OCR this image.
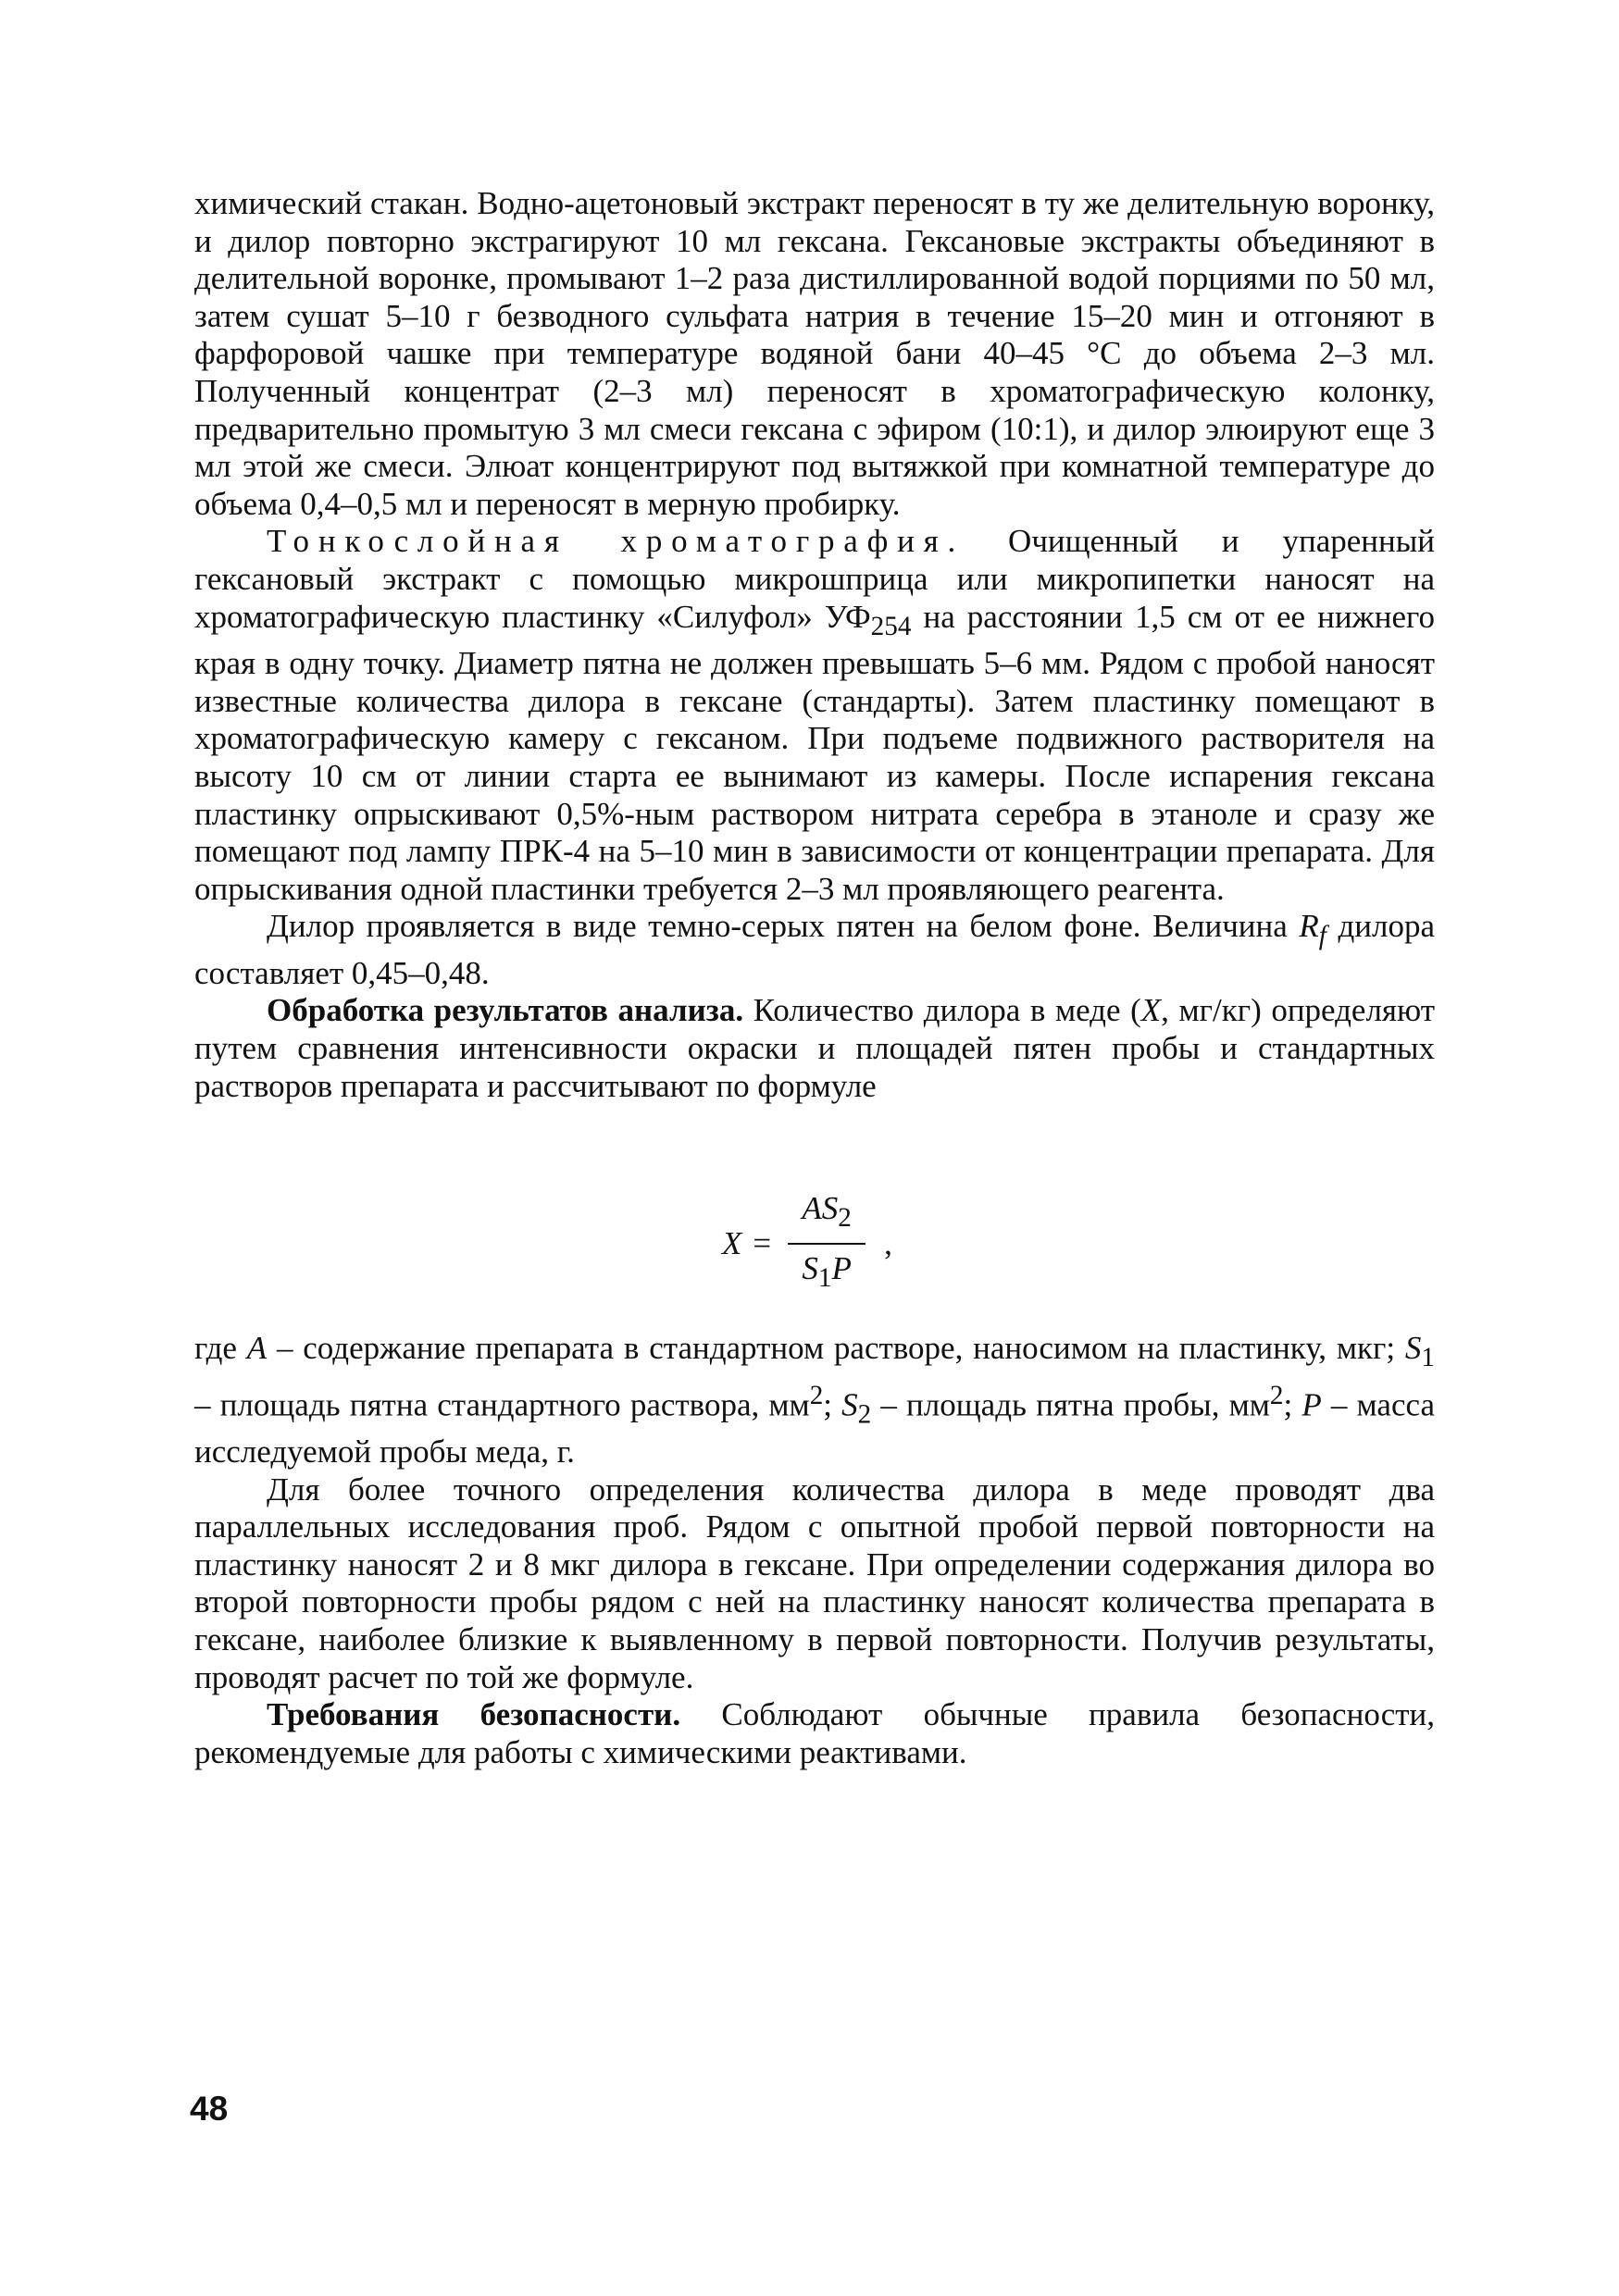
химический стакан. Водно-ацетоновый экстракт переносят в ту же делительную воронку, и дилор повторно экстрагируют 10 мл гексана. Гексановые экстракты объединяют в делительной воронке, промывают 1–2 раза дистиллированной водой порциями по 50 мл, затем сушат 5–10 г безводного сульфата натрия в течение 15–20 мин и отгоняют в фарфоровой чашке при температуре водяной бани 40–45 °С до объема 2–3 мл. Полученный концентрат (2–3 мл) переносят в хроматографическую колонку, предварительно промытую 3 мл смеси гексана с эфиром (10:1), и дилор элюируют еще 3 мл этой же смеси. Элюат концентрируют под вытяжкой при комнатной температуре до объема 0,4–0,5 мл и переносят в мерную пробирку.

Тонкослойная хроматография. Очищенный и упаренный гексановый экстракт с помощью микрошприца или микропипетки наносят на хроматографическую пластинку «Силуфол» $УФ_{254}$ на расстоянии 1,5 см от ее нижнего края в одну точку. Диаметр пятна не должен превышать 5–6 мм. Рядом с пробой наносят известные количества дилора в гексане (стандарты). Затем пластинку помещают в хроматографическую камеру с гексаном. При подъеме подвижного растворителя на высоту 10 см от линии старта ее вынимают из камеры. После испарения гексана пластинку опрыскивают 0,5%-ным раствором нитрата серебра в этаноле и сразу же помещают под лампу ПРК-4 на 5–10 мин в зависимости от концентрации препарата. Для опрыскивания одной пластинки требуется 2–3 мл проявляющего реагента.

Дилор проявляется в виде темно-серых пятен на белом фоне. Величина $R_f$ дилора составляет 0,45–0,48.

Обработка результатов анализа. Количество дилора в меде (X, мг/кг) определяют путем сравнения интенсивности окраски и площадей пятен пробы и стандартных растворов препарата и рассчитывают по формуле

$X = \frac{AS_2}{S_1P}$ ,

где A – содержание препарата в стандартном растворе, наносимом на пластинку, мкг; $S_1$ – площадь пятна стандартного раствора, $мм^2$; $S_2$ – площадь пятна пробы, $мм^2$; P – масса исследуемой пробы меда, г.

Для более точного определения количества дилора в меде проводят два параллельных исследования проб. Рядом с опытной пробой первой повторности на пластинку наносят 2 и 8 мкг дилора в гексане. При определении содержания дилора во второй повторности пробы рядом с ней на пластинку наносят количества препарата в гексане, наиболее близкие к выявленному в первой повторности. Получив результаты, проводят расчет по той же формуле.

Требования безопасности. Соблюдают обычные правила безопасности, рекомендуемые для работы с химическими реактивами.

48
